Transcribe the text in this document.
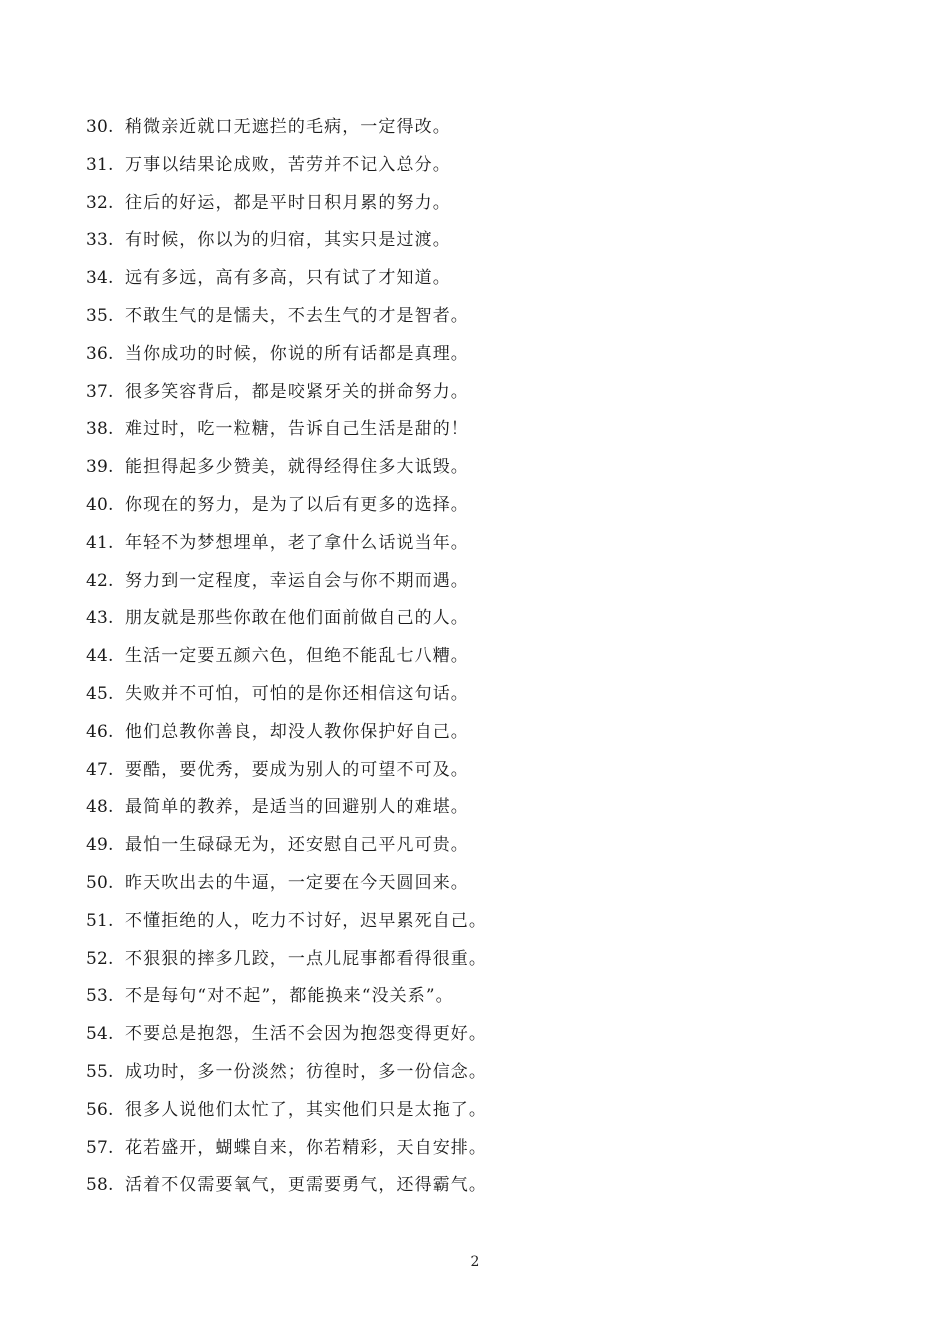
30. 稍微亲近就口无遮拦的毛病，一定得改。
31. 万事以结果论成败，苦劳并不记入总分。
32. 往后的好运，都是平时日积月累的努力。
33. 有时候，你以为的归宿，其实只是过渡。
34. 远有多远，高有多高，只有试了才知道。
35. 不敢生气的是懦夫，不去生气的才是智者。
36. 当你成功的时候，你说的所有话都是真理。
37. 很多笑容背后，都是咬紧牙关的拼命努力。
38. 难过时，吃一粒糖，告诉自己生活是甜的！
39. 能担得起多少赞美，就得经得住多大诋毁。
40. 你现在的努力，是为了以后有更多的选择。
41. 年轻不为梦想埋单，老了拿什么话说当年。
42. 努力到一定程度，幸运自会与你不期而遇。
43. 朋友就是那些你敢在他们面前做自己的人。
44. 生活一定要五颜六色，但绝不能乱七八糟。
45. 失败并不可怕，可怕的是你还相信这句话。
46. 他们总教你善良，却没人教你保护好自己。
47. 要酷，要优秀，要成为别人的可望不可及。
48. 最简单的教养，是适当的回避别人的难堪。
49. 最怕一生碌碌无为，还安慰自己平凡可贵。
50. 昨天吹出去的牛逼，一定要在今天圆回来。
51. 不懂拒绝的人，吃力不讨好，迟早累死自己。
52. 不狠狠的摔多几跤，一点儿屁事都看得很重。
53. 不是每句“对不起”，都能换来“没关系”。
54. 不要总是抱怨，生活不会因为抱怨变得更好。
55. 成功时，多一份淡然；彷徨时，多一份信念。
56. 很多人说他们太忙了，其实他们只是太拖了。
57. 花若盛开，蝴蝶自来，你若精彩，天自安排。
58. 活着不仅需要氧气，更需要勇气，还得霸气。
2
